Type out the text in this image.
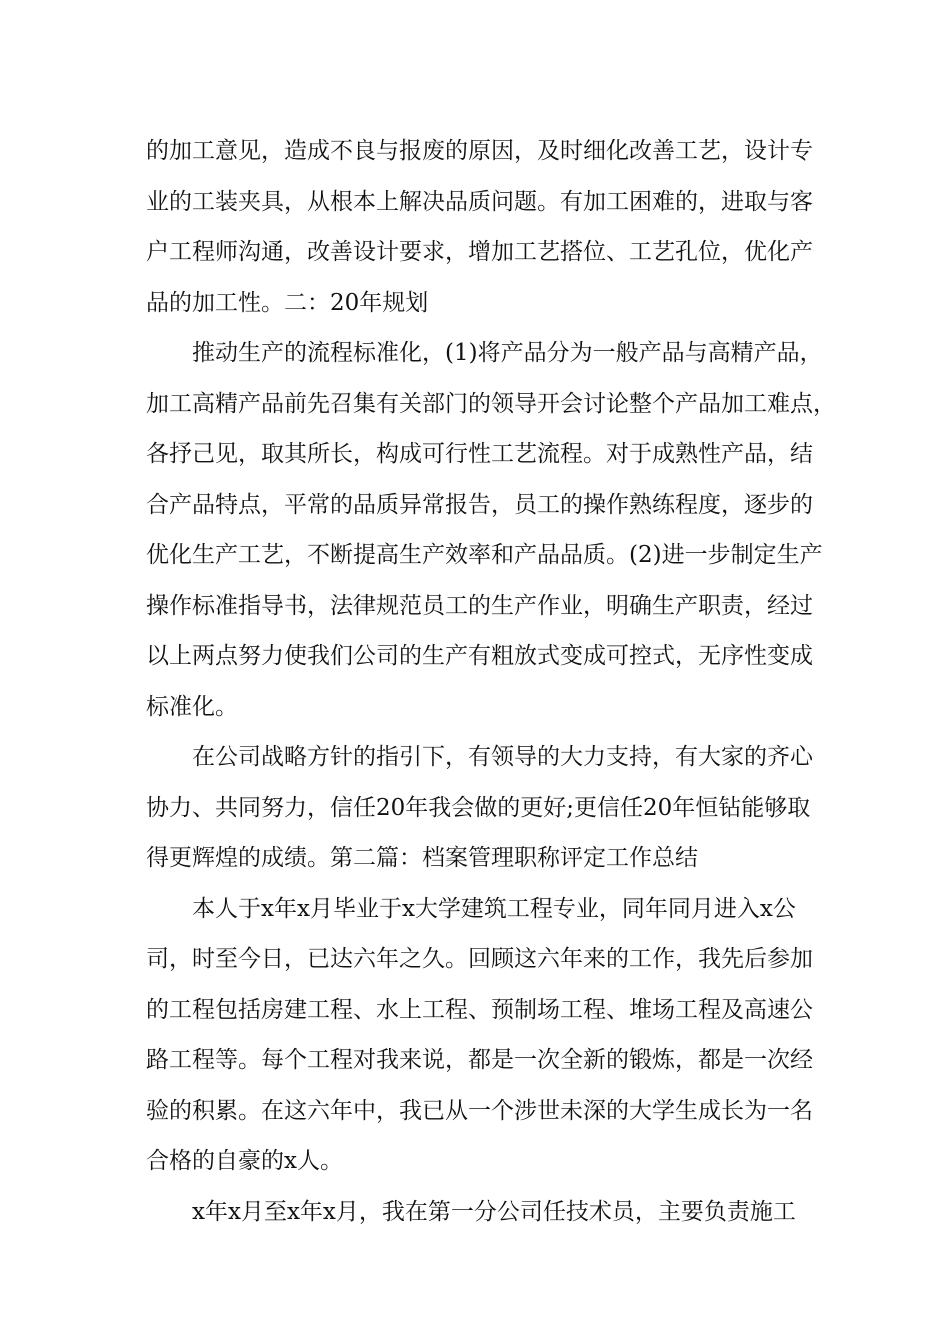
的加工意见，造成不良与报废的原因，及时细化改善工艺，设计专
业的工装夹具，从根本上解决品质问题。有加工困难的，进取与客
户工程师沟通，改善设计要求，增加工艺搭位、工艺孔位，优化产
品的加工性。二：20年规划

推动生产的流程标准化，(1)将产品分为一般产品与高精产品，
加工高精产品前先召集有关部门的领导开会讨论整个产品加工难点，
各抒己见，取其所长，构成可行性工艺流程。对于成熟性产品，结
合产品特点，平常的品质异常报告，员工的操作熟练程度，逐步的
优化生产工艺，不断提高生产效率和产品品质。(2)进一步制定生产
操作标准指导书，法律规范员工的生产作业，明确生产职责，经过
以上两点努力使我们公司的生产有粗放式变成可控式，无序性变成
标准化。

在公司战略方针的指引下，有领导的大力支持，有大家的齐心
协力、共同努力，信任20年我会做的更好;更信任20年恒钻能够取
得更辉煌的成绩。第二篇：档案管理职称评定工作总结

本人于x年x月毕业于x大学建筑工程专业，同年同月进入x公
司，时至今日，已达六年之久。回顾这六年来的工作，我先后参加
的工程包括房建工程、水上工程、预制场工程、堆场工程及高速公
路工程等。每个工程对我来说，都是一次全新的锻炼，都是一次经
验的积累。在这六年中，我已从一个涉世未深的大学生成长为一名
合格的自豪的x人。

x年x月至x年x月，我在第一分公司任技术员，主要负责施工
